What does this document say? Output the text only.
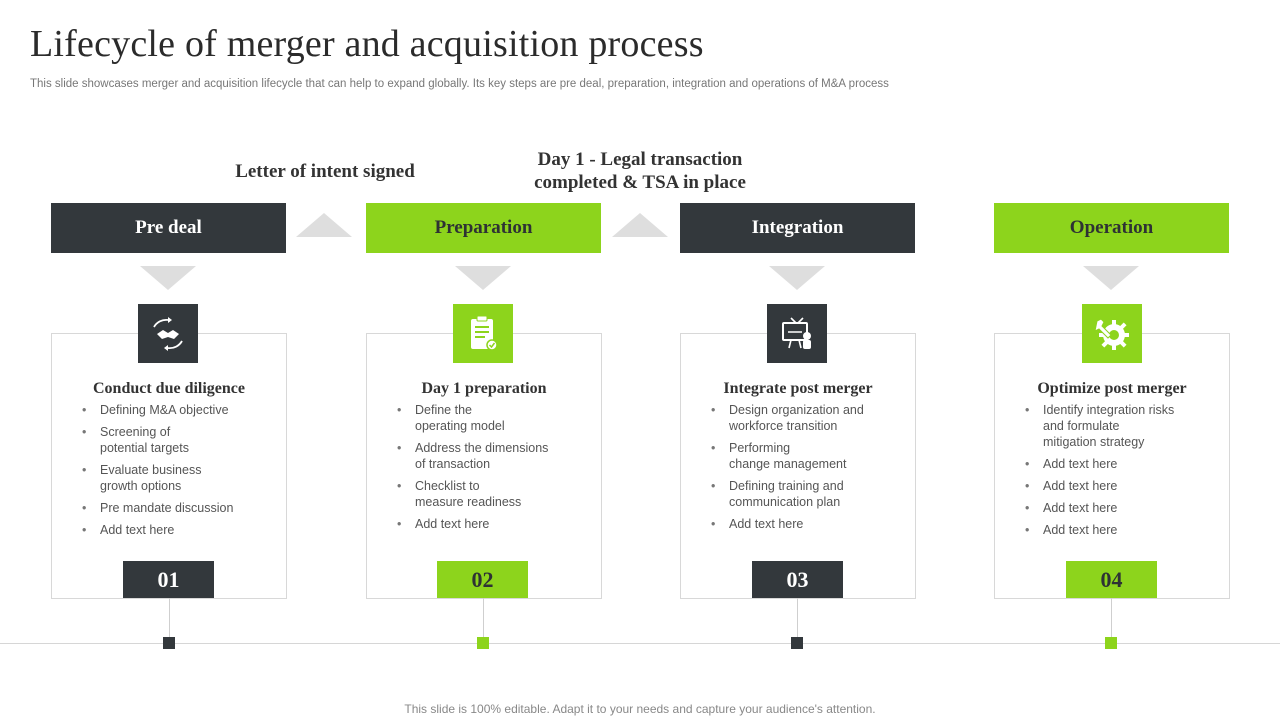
Lifecycle of merger and acquisition process

This slide showcases merger and acquisition lifecycle that can help to expand globally. Its key steps are pre deal, preparation, integration and operations of M&A process

Letter of intent signed
Day 1 - Legal transaction completed & TSA in place
Pre deal
Conduct due diligence
• Defining M&A objective
• Screening of
potential targets
• Evaluate business
growth options
• Pre mandate discussion
• Add text here
01
Preparation
Day 1 preparation
• Define the
operating model
• Address the dimensions
of transaction
• Checklist to
measure readiness
• Add text here
02
Integration
Integrate post merger
• Design organization and
workforce transition
• Performing
change management
• Defining training and
communication plan
• Add text here
03
Operation
Optimize post merger
• Identify integration risks
and formulate
mitigation strategy
• Add text here
• Add text here
• Add text here
• Add text here
04
This slide is 100% editable. Adapt it to your needs and capture your audience's attention.
